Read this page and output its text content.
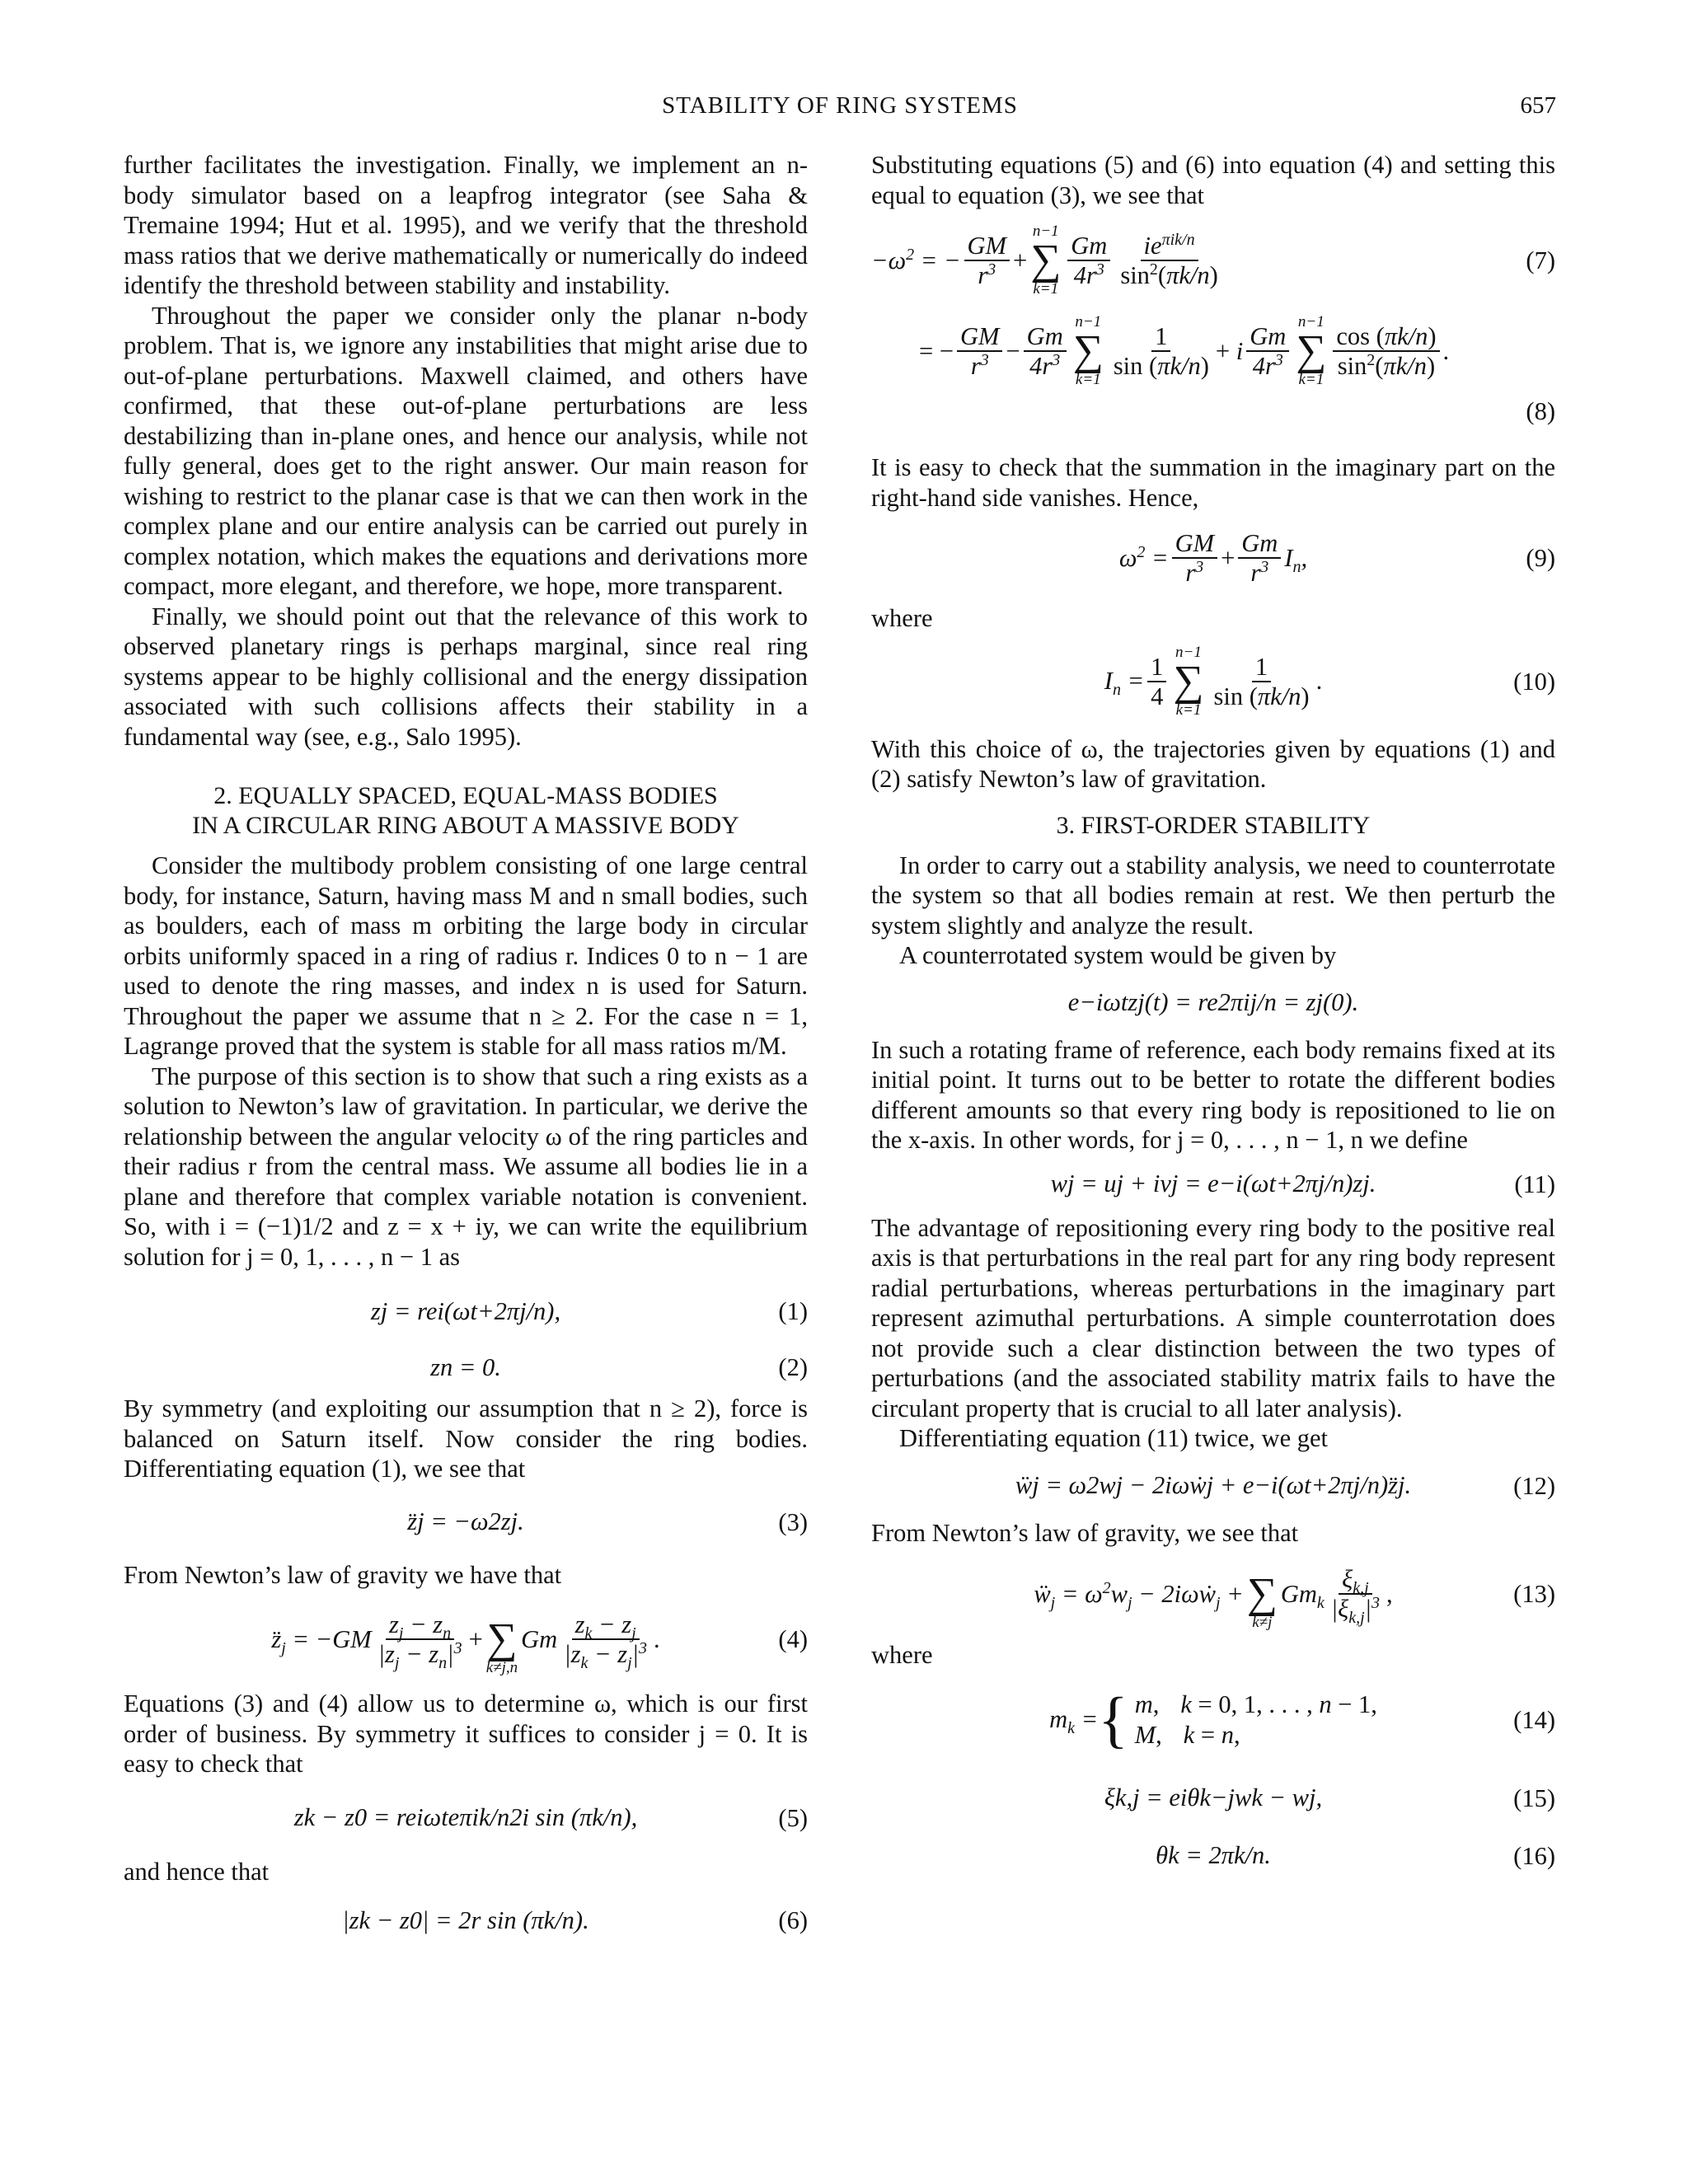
STABILITY OF RING SYSTEMS	657

further facilitates the investigation. Finally, we implement an n-body simulator based on a leapfrog integrator (see Saha & Tremaine 1994; Hut et al. 1995), and we verify that the threshold mass ratios that we derive mathematically or numerically do indeed identify the threshold between stability and instability.

Throughout the paper we consider only the planar n-body problem. That is, we ignore any instabilities that might arise due to out-of-plane perturbations. Maxwell claimed, and others have confirmed, that these out-of-plane perturbations are less destabilizing than in-plane ones, and hence our analysis, while not fully general, does get to the right answer. Our main reason for wishing to restrict to the planar case is that we can then work in the complex plane and our entire analysis can be carried out purely in complex notation, which makes the equations and derivations more compact, more elegant, and therefore, we hope, more transparent.

Finally, we should point out that the relevance of this work to observed planetary rings is perhaps marginal, since real ring systems appear to be highly collisional and the energy dissipation associated with such collisions affects their stability in a fundamental way (see, e.g., Salo 1995).

2. EQUALLY SPACED, EQUAL-MASS BODIES
IN A CIRCULAR RING ABOUT A MASSIVE BODY

Consider the multibody problem consisting of one large central body, for instance, Saturn, having mass M and n small bodies, such as boulders, each of mass m orbiting the large body in circular orbits uniformly spaced in a ring of radius r. Indices 0 to n − 1 are used to denote the ring masses, and index n is used for Saturn. Throughout the paper we assume that n ≥ 2. For the case n = 1, Lagrange proved that the system is stable for all mass ratios m/M.

The purpose of this section is to show that such a ring exists as a solution to Newton’s law of gravitation. In particular, we derive the relationship between the angular velocity ω of the ring particles and their radius r from the central mass. We assume all bodies lie in a plane and therefore that complex variable notation is convenient. So, with i = (−1)1/2 and z = x + iy, we can write the equilibrium solution for j = 0, 1, . . . , n − 1 as

zj = rei(ωt+2πj/n),	(1)
zn = 0.	(2)

By symmetry (and exploiting our assumption that n ≥ 2), force is balanced on Saturn itself. Now consider the ring bodies. Differentiating equation (1), we see that

z̈j = −ω2zj.	(3)

From Newton’s law of gravity we have that

$z̈_j = -GM \frac{z_j - z_n}{|z_j - z_n|^3}$ +
∑
k≠j,n
Gm $\frac{z_k - z_j}{|z_k - z_j|^3}$ .	(4)

Equations (3) and (4) allow us to determine ω, which is our first order of business. By symmetry it suffices to consider j = 0. It is easy to check that

zk − z0 = reiωteπik/n2i sin (πk/n),	(5)

and hence that

|zk − z0| = 2r sin (πk/n).	(6)

Substituting equations (5) and (6) into equation (4) and setting this equal to equation (3), we see that

$-\omega^2$ = − $\frac{GM}{r^3}$ +
n−1
∑
$k=1 \frac{Gm}{4r^3} \frac{ie^{\pi ik/n}}{\sin^2(\pi k/n)}$	(7)
= − $\frac{GM}{r^3} - \frac{Gm}{4r^3}$
n−1
∑
$k=1 \frac{1}{\sin (\pi k/n)} + i \frac{Gm}{4r^3}$
n−1
∑
$k=1 \frac{\cos (\pi k/n)}{\sin^2(\pi k/n)}$ .
(8)

It is easy to check that the summation in the imaginary part on the right-hand side vanishes. Hence,

$\omega^2 = \frac{GM}{r^3} + \frac{Gm}{r^3} I_n$,	(9)

where

$I_n = \frac{1}{4}$
n−1
∑
$k=1 \frac{1}{\sin (\pi k/n)}$ .	(10)

With this choice of ω, the trajectories given by equations (1) and (2) satisfy Newton’s law of gravitation.

3. FIRST-ORDER STABILITY

In order to carry out a stability analysis, we need to counterrotate the system so that all bodies remain at rest. We then perturb the system slightly and analyze the result.

A counterrotated system would be given by

e−iωtzj(t) = re2πij/n = zj(0).

In such a rotating frame of reference, each body remains fixed at its initial point. It turns out to be better to rotate the different bodies different amounts so that every ring body is repositioned to lie on the x-axis. In other words, for j = 0, . . . , n − 1, n we define

wj = uj + ivj = e−i(ωt+2πj/n)zj.	(11)

The advantage of repositioning every ring body to the positive real axis is that perturbations in the real part for any ring body represent radial perturbations, whereas perturbations in the imaginary part represent azimuthal perturbations. A simple counterrotation does not provide such a clear distinction between the two types of perturbations (and the associated stability matrix fails to have the circulant property that is crucial to all later analysis).

Differentiating equation (11) twice, we get

ẅj = ω2wj − 2iωẇj + e−i(ωt+2πj/n)z̈j.	(12)

From Newton’s law of gravity, we see that

ẅ$_j$ = $\omega^2w_j$ − 2iωẇ$_j$ +
∑
k≠j
$Gm_k \frac{\xi_{k,j}}{|\xi_{k,j}|^3}$ ,	(13)

where

$m_k$ = { m, k = 0, 1, . . . , n − 1,
M, k = n,
(14)
ξk,j = eiθk−jwk − wj,	(15)
θk = 2πk/n.	(16)
